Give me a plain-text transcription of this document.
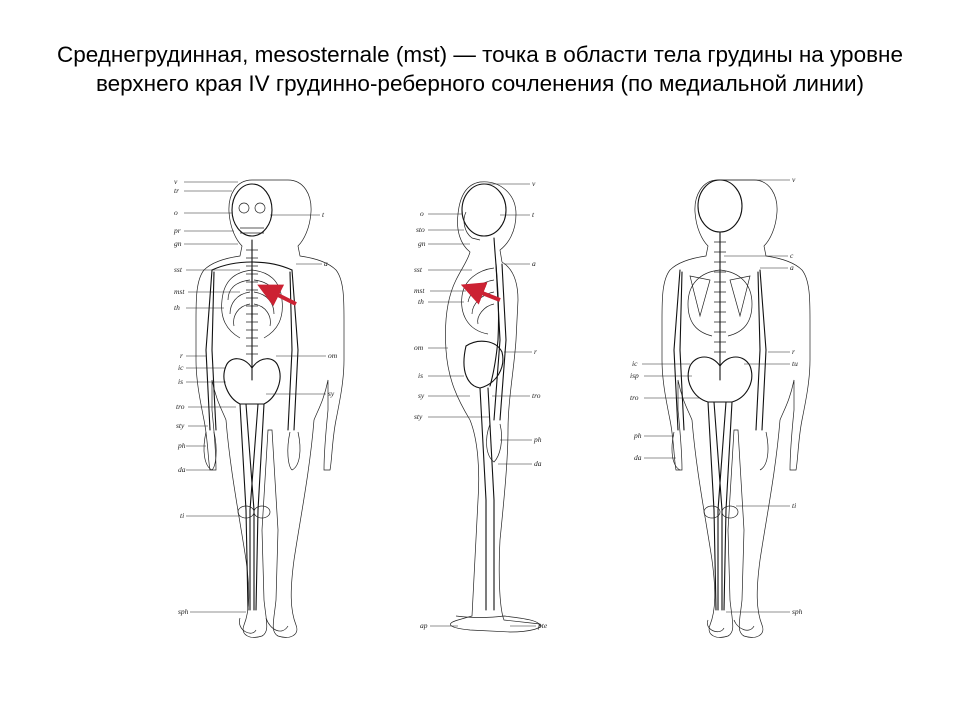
Среднегрудинная, mesosternale (mst) — точка в области тела грудины на уровне верхнего края IV грудинно-реберного сочленения (по медиальной линии)
v
tr
o
pr
gn
sst
mst
th
r
ic
is
tro
sty
ph
da
ti
sph
t
a
om
sy
o
sto
gn
sst
mst
th
om
is
sy
sty
ap
v
t
a
r
tro
ph
da
pte
ic
isp
tro
ph
da
v
c
a
r
tu
ti
sph
